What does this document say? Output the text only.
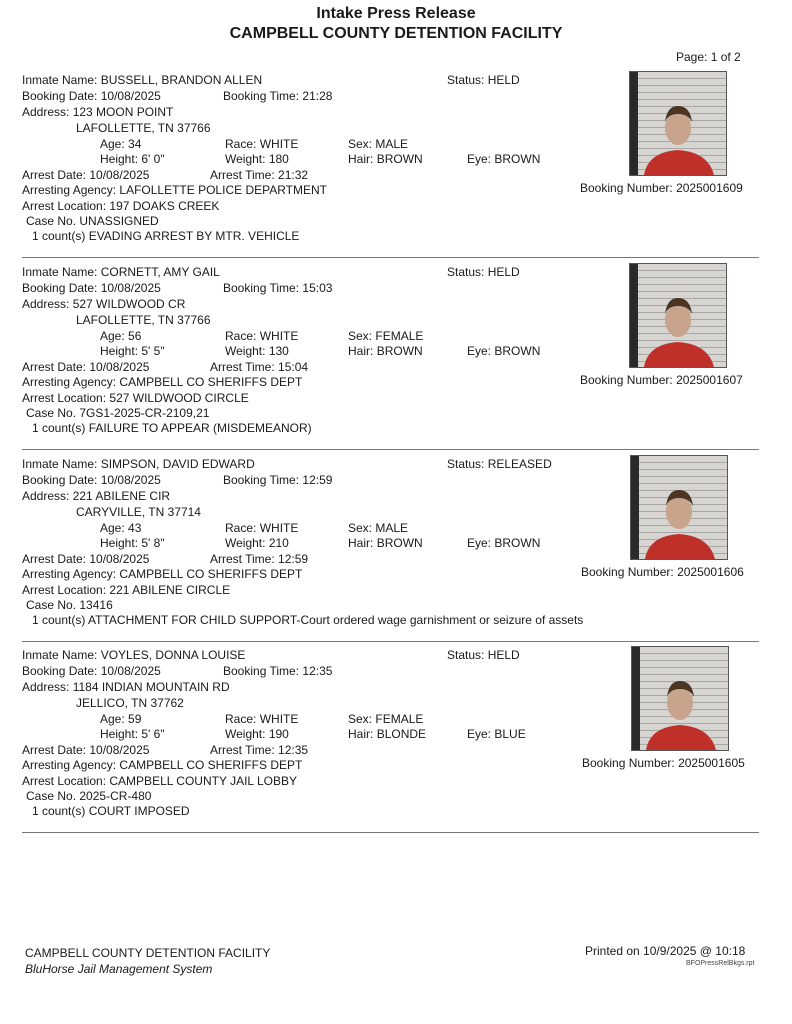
Intake Press Release
CAMPBELL COUNTY DETENTION FACILITY
Page: 1 of 2
Inmate Name: BUSSELL, BRANDON ALLEN	Status: HELD
Booking Date: 10/08/2025	Booking Time: 21:28
Address: 123 MOON POINT
LAFOLLETTE, TN 37766
Age: 34	Race: WHITE	Sex: MALE
Height: 6' 0"	Weight: 180	Hair: BROWN	Eye: BROWN
Arrest Date: 10/08/2025	Arrest Time: 21:32
Arresting Agency: LAFOLLETTE POLICE DEPARTMENT
Arrest Location: 197 DOAKS CREEK
Case No. UNASSIGNED
1 count(s) EVADING ARREST BY MTR. VEHICLE
Booking Number: 2025001609
Inmate Name: CORNETT, AMY GAIL	Status: HELD
Booking Date: 10/08/2025	Booking Time: 15:03
Address: 527 WILDWOOD CR
LAFOLLETTE, TN 37766
Age: 56	Race: WHITE	Sex: FEMALE
Height: 5' 5"	Weight: 130	Hair: BROWN	Eye: BROWN
Arrest Date: 10/08/2025	Arrest Time: 15:04
Arresting Agency: CAMPBELL CO SHERIFFS DEPT
Arrest Location: 527 WILDWOOD CIRCLE
Case No. 7GS1-2025-CR-2109,21
1 count(s) FAILURE TO APPEAR (MISDEMEANOR)
Booking Number: 2025001607
Inmate Name: SIMPSON, DAVID EDWARD	Status: RELEASED
Booking Date: 10/08/2025	Booking Time: 12:59
Address: 221 ABILENE CIR
CARYVILLE, TN 37714
Age: 43	Race: WHITE	Sex: MALE
Height: 5' 8"	Weight: 210	Hair: BROWN	Eye: BROWN
Arrest Date: 10/08/2025	Arrest Time: 12:59
Arresting Agency: CAMPBELL CO SHERIFFS DEPT
Arrest Location: 221 ABILENE CIRCLE
Case No. 13416
1 count(s) ATTACHMENT FOR CHILD SUPPORT-Court ordered wage garnishment or seizure of assets
Booking Number: 2025001606
Inmate Name: VOYLES, DONNA LOUISE	Status: HELD
Booking Date: 10/08/2025	Booking Time: 12:35
Address: 1184 INDIAN MOUNTAIN RD
JELLICO, TN 37762
Age: 59	Race: WHITE	Sex: FEMALE
Height: 5' 6"	Weight: 190	Hair: BLONDE	Eye: BLUE
Arrest Date: 10/08/2025	Arrest Time: 12:35
Arresting Agency: CAMPBELL CO SHERIFFS DEPT
Arrest Location: CAMPBELL COUNTY JAIL LOBBY
Case No. 2025-CR-480
1 count(s) COURT IMPOSED
Booking Number: 2025001605
CAMPBELL COUNTY DETENTION FACILITY
BluHorse Jail Management System
Printed on 10/9/2025 @ 10:18
BFOPressRelBkgs.rpt
